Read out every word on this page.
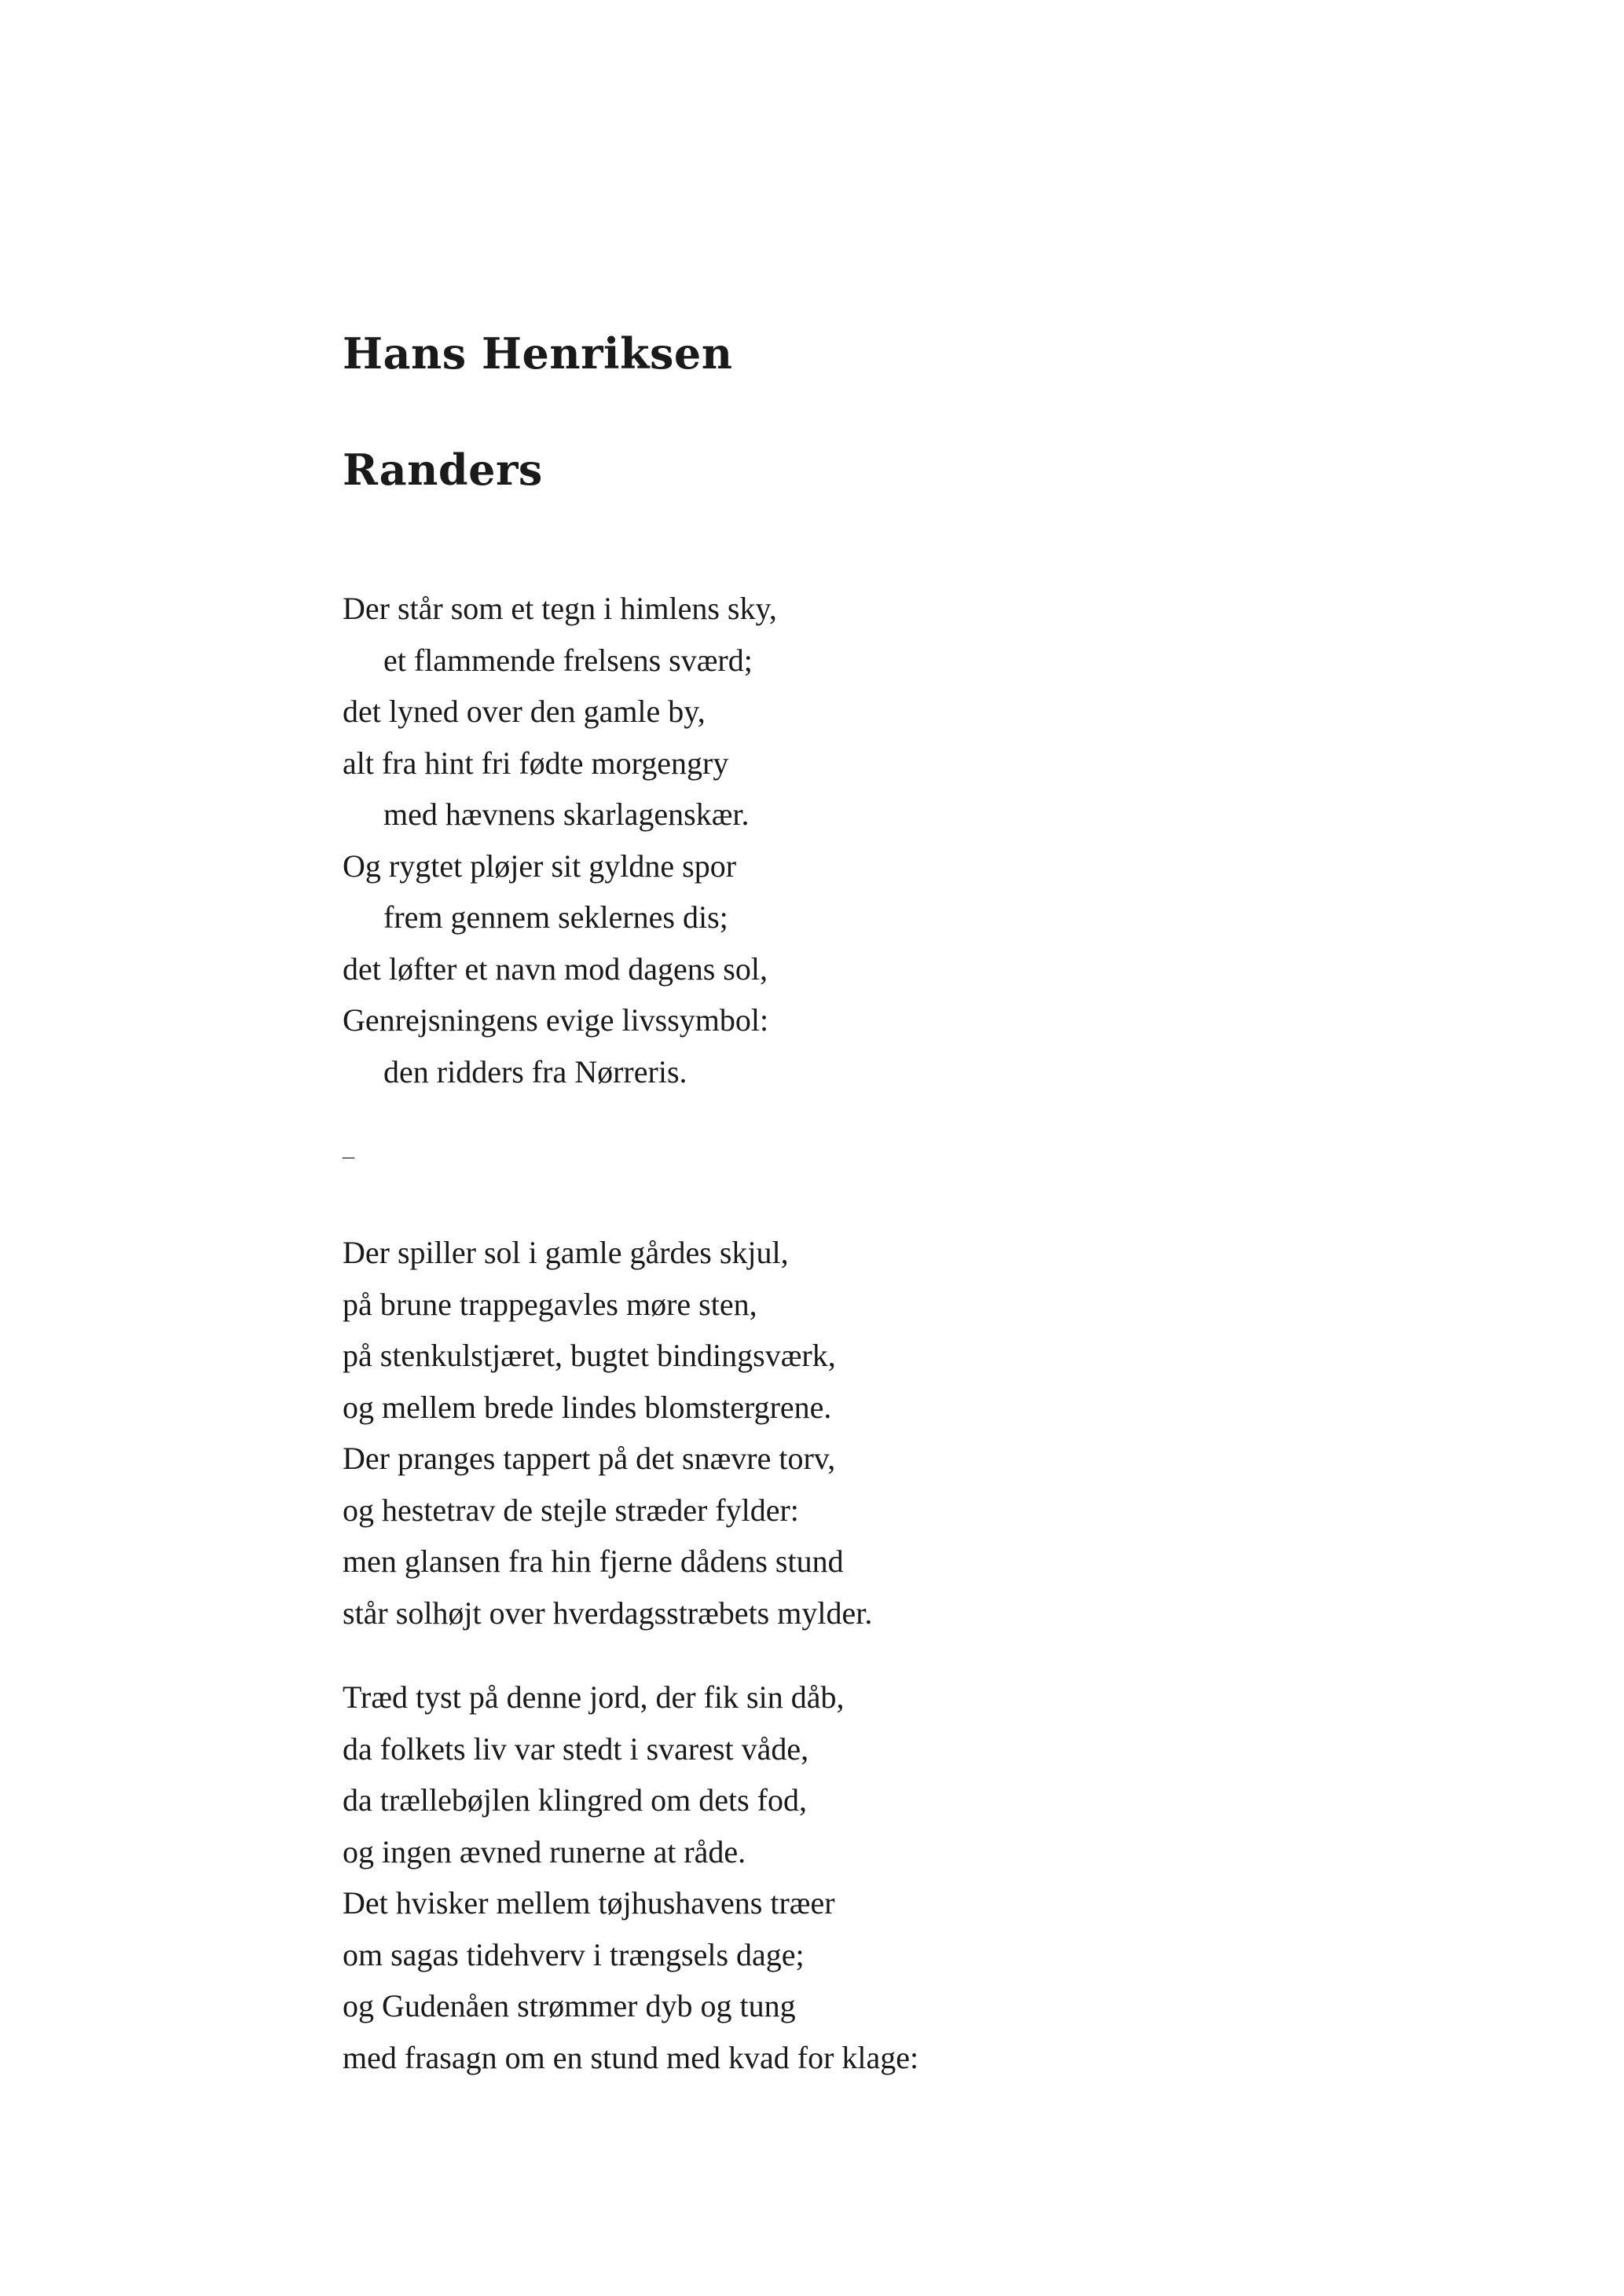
Hans Henriksen
Randers
Der står som et tegn i himlens sky,
et flammende frelsens sværd;
det lyned over den gamle by,
alt fra hint fri fødte morgengry
med hævnens skarlagenskær.
Og rygtet pløjer sit gyldne spor
frem gennem seklernes dis;
det løfter et navn mod dagens sol,
Genrejsningens evige livssymbol:
den ridders fra Nørreris.
–
Der spiller sol i gamle gårdes skjul,
på brune trappegavles møre sten,
på stenkulstjæret, bugtet bindingsværk,
og mellem brede lindes blomstergrene.
Der pranges tappert på det snævre torv,
og hestetrav de stejle stræder fylder:
men glansen fra hin fjerne dådens stund
står solhøjt over hverdagsstræbets mylder.
Træd tyst på denne jord, der fik sin dåb,
da folkets liv var stedt i svarest våde,
da trællebøjlen klingred om dets fod,
og ingen ævned runerne at råde.
Det hvisker mellem tøjhushavens træer
om sagas tidehverv i trængsels dage;
og Gudenåen strømmer dyb og tung
med frasagn om en stund med kvad for klage:
